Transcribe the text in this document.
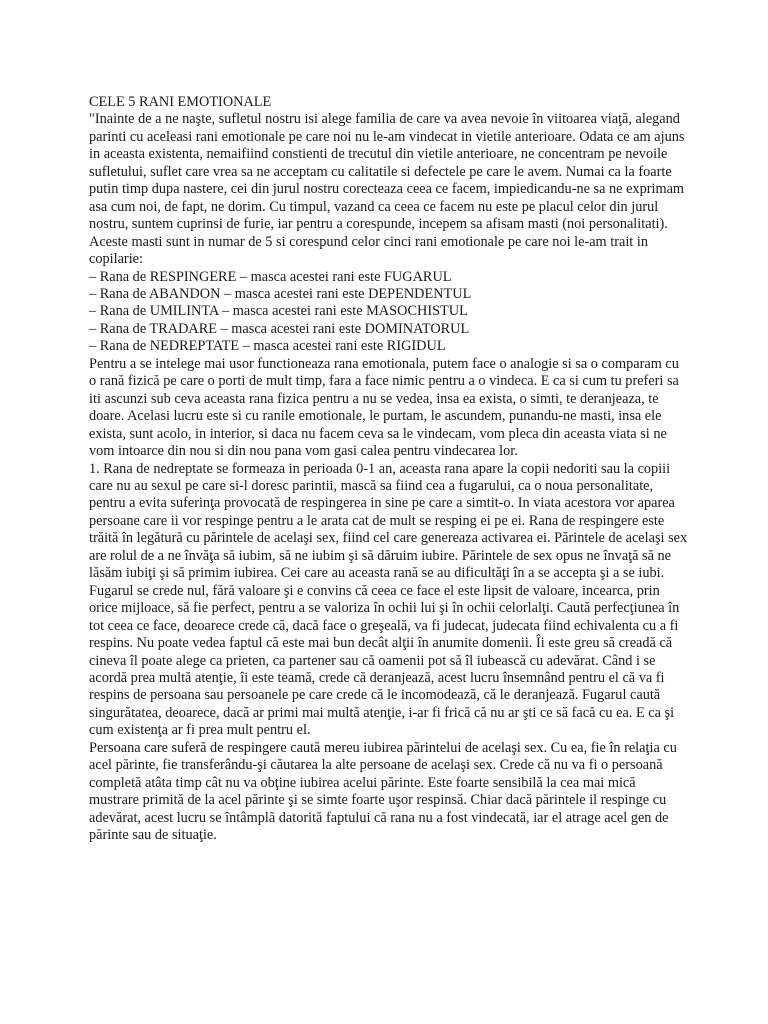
CELE 5 RANI EMOTIONALE

"Inainte de a ne naşte, sufletul nostru isi alege familia de care va avea nevoie în viitoarea viaţă, alegand parinti cu aceleasi rani emotionale pe care noi nu le-am vindecat in vietile anterioare. Odata ce am ajuns in aceasta existenta, nemaifiind constienti de trecutul din vietile anterioare, ne concentram pe nevoile sufletului, suflet care vrea sa ne acceptam cu calitatile si defectele pe care le avem. Numai ca la foarte putin timp dupa nastere, cei din jurul nostru corecteaza ceea ce facem, impiedicandu-ne sa ne exprimam asa cum noi, de fapt, ne dorim. Cu timpul, vazand ca ceea ce facem nu este pe placul celor din jurul nostru, suntem cuprinsi de furie, iar pentru a corespunde, incepem sa afisam masti (noi personalitati).

Aceste masti sunt in numar de 5 si corespund celor cinci rani emotionale pe care noi le-am trait in copilarie:

– Rana de RESPINGERE – masca acestei rani este FUGARUL
– Rana de ABANDON – masca acestei rani este DEPENDENTUL
– Rana de UMILINTA – masca acestei rani este MASOCHISTUL
– Rana de TRADARE – masca acestei rani este DOMINATORUL
– Rana de NEDREPTATE – masca acestei rani este RIGIDUL

Pentru a se intelege mai usor functioneaza rana emotionala, putem face o analogie si sa o comparam cu o rană fizică pe care o porti de mult timp, fara a face nimic pentru a o vindeca. E ca si cum tu preferi sa iti ascunzi sub ceva aceasta rana fizica pentru a nu se vedea, insa ea exista, o simti, te deranjeaza, te doare. Acelasi lucru este si cu ranile emotionale, le purtam, le ascundem, punandu-ne masti, insa ele exista, sunt acolo, in interior, si daca nu facem ceva sa le vindecam, vom pleca din aceasta viata si ne vom intoarce din nou si din nou pana vom gasi calea pentru vindecarea lor.

1. Rana de nedreptate se formeaza in perioada 0-1 an, aceasta rana apare la copii nedoriti sau la copiii care nu au sexul pe care si-l doresc parintii, mască sa fiind cea a fugarului, ca o noua personalitate, pentru a evita suferinţa provocată de respingerea in sine pe care a simtit-o. In viata acestora vor aparea persoane care ii vor respinge pentru a le arata cat de mult se resping ei pe ei. Rana de respingere este trăită în legătură cu părintele de acelaşi sex, fiind cel care genereaza activarea ei. Părintele de acelaşi sex are rolul de a ne învăţa să iubim, să ne iubim şi să dăruim iubire. Părintele de sex opus ne învaţă să ne lăsăm iubiţi şi să primim iubirea. Cei care au aceasta rană se au dificultăţi în a se accepta şi a se iubi.

Fugarul se crede nul, fără valoare şi e convins că ceea ce face el este lipsit de valoare, incearca, prin orice mijloace, să fie perfect, pentru a se valoriza în ochii lui şi în ochii celorlalţi. Caută perfecţiunea în tot ceea ce face, deoarece crede că, dacă face o greşeală, va fi judecat, judecata fiind echivalenta cu a fi respins. Nu poate vedea faptul că este mai bun decât alţii în anumite domenii. Îi este greu să creadă că cineva îl poate alege ca prieten, ca partener sau că oamenii pot să îl iubească cu adevărat. Când i se acordă prea multă atenţie, îi este teamă, crede că deranjează, acest lucru însemnând pentru el că va fi respins de persoana sau persoanele pe care crede că le incomodează, că le deranjează. Fugarul caută singurătatea, deoarece, dacă ar primi mai multă atenţie, i-ar fi frică că nu ar şti ce să facă cu ea. E ca şi cum existenţa ar fi prea mult pentru el.

Persoana care suferă de respingere caută mereu iubirea părintelui de acelaşi sex. Cu ea, fie în relaţia cu acel părinte, fie transferându-şi căutarea la alte persoane de acelaşi sex. Crede că nu va fi o persoană completă atâta timp cât nu va obţine iubirea acelui părinte. Este foarte sensibilă la cea mai mică mustrare primită de la acel părinte şi se simte foarte uşor respinsă. Chiar dacă părintele il respinge cu adevărat, acest lucru se întâmplă datorită faptului că rana nu a fost vindecată, iar el atrage acel gen de părinte sau de situaţie.
